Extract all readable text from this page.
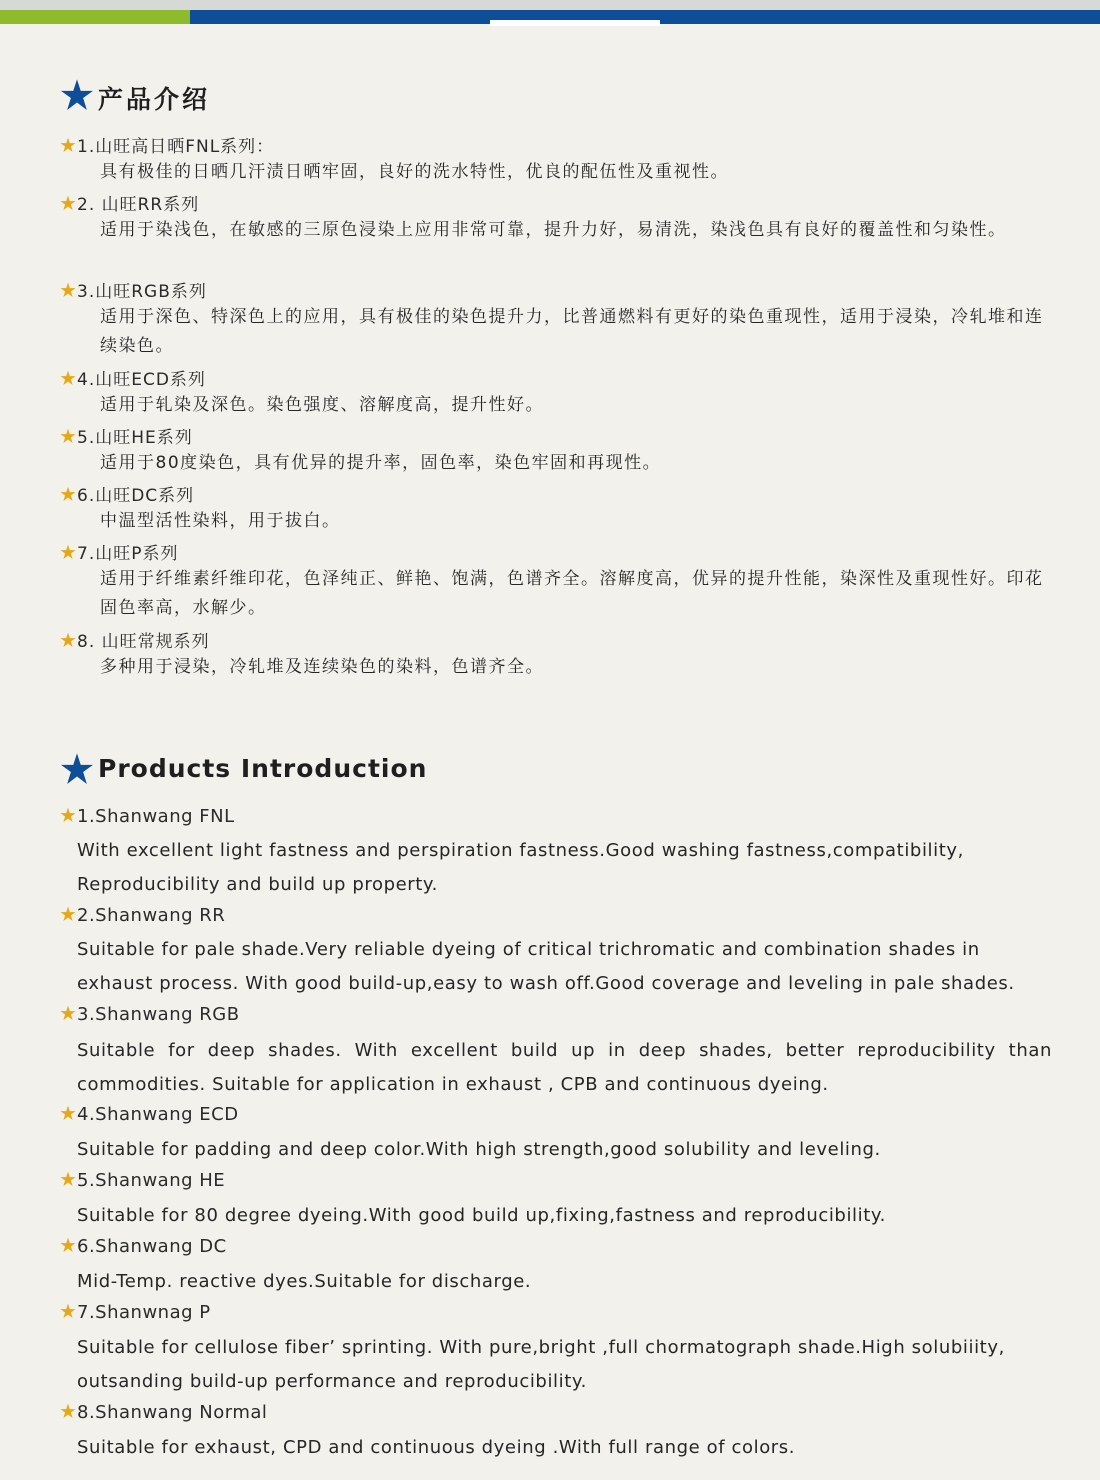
产品介绍
1.山旺高日晒FNL系列：
具有极佳的日晒几汗渍日晒牢固，良好的洗水特性，优良的配伍性及重视性。
2. 山旺RR系列
适用于染浅色，在敏感的三原色浸染上应用非常可靠，提升力好，易清洗，染浅色具有良好的覆盖性和匀染性。
3.山旺RGB系列
适用于深色、特深色上的应用，具有极佳的染色提升力，比普通燃料有更好的染色重现性，适用于浸染，冷轧堆和连续染色。
4.山旺ECD系列
适用于轧染及深色。染色强度、溶解度高，提升性好。
5.山旺HE系列
适用于80度染色，具有优异的提升率，固色率，染色牢固和再现性。
6.山旺DC系列
中温型活性染料，用于拔白。
7.山旺P系列
适用于纤维素纤维印花，色泽纯正、鲜艳、饱满，色谱齐全。溶解度高，优异的提升性能，染深性及重现性好。印花固色率高，水解少。
8. 山旺常规系列
多种用于浸染，冷轧堆及连续染色的染料，色谱齐全。
Products Introduction
1.Shanwang FNL
With excellent light fastness and perspiration fastness.Good washing fastness,compatibility, Reproducibility and build up property.
2.Shanwang RR
Suitable for pale shade.Very reliable dyeing of critical trichromatic and combination shades in exhaust process. With good build-up,easy to wash off.Good coverage and leveling in pale shades.
3.Shanwang RGB
Suitable for deep shades. With excellent build up in deep shades, better reproducibility than commodities. Suitable for application in exhaust , CPB and continuous dyeing.
4.Shanwang ECD
Suitable for padding and deep color.With high strength,good solubility and leveling.
5.Shanwang HE
Suitable for 80 degree dyeing.With good build up,fixing,fastness and reproducibility.
6.Shanwang DC
Mid-Temp. reactive dyes.Suitable for discharge.
7.Shanwnag P
Suitable for cellulose fiber’ sprinting. With pure,bright ,full chormatograph shade.High solubiiity, outsanding build-up performance and reproducibility.
8.Shanwang Normal
Suitable for exhaust, CPD and continuous dyeing .With full range of colors.
